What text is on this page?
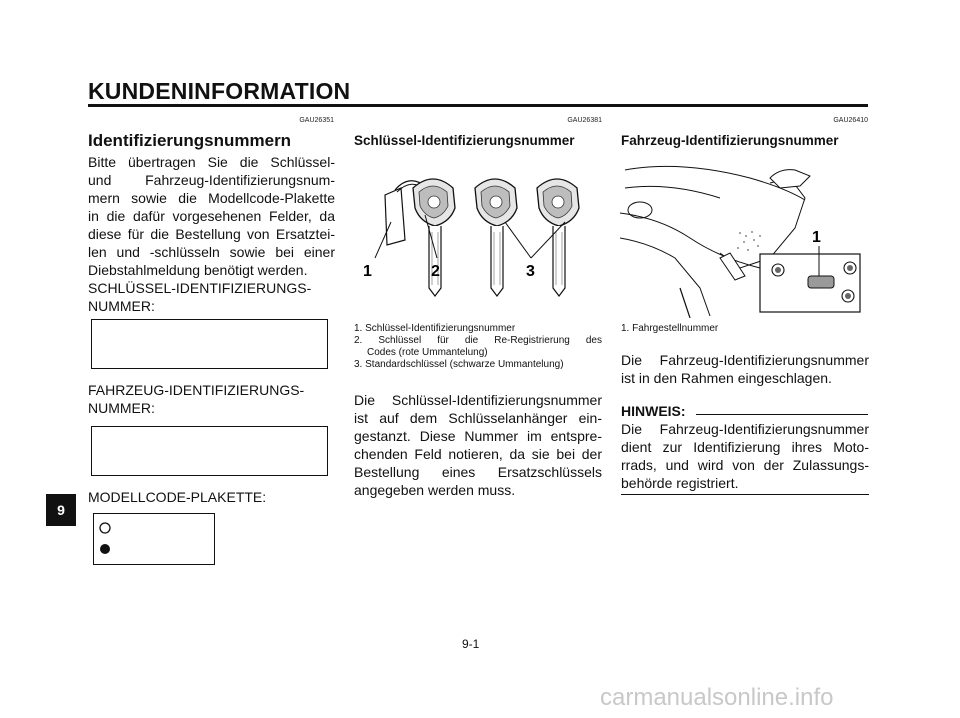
KUNDENINFORMATION
9
GAU26351
Identifizierungsnummern
Bitte übertragen Sie die Schlüssel-
und Fahrzeug-Identifizierungsnum-
mern sowie die Modellcode-Plakette
in die dafür vorgesehenen Felder, da
diese für die Bestellung von Ersatztei-
len und -schlüsseln sowie bei einer
Diebstahlmeldung benötigt werden.
SCHLÜSSEL-IDENTIFIZIERUNGS-
NUMMER:
FAHRZEUG-IDENTIFIZIERUNGS-
NUMMER:
MODELLCODE-PLAKETTE:
GAU26381
Schlüssel-Identifizierungsnummer
1	2	3
1. Schlüssel-Identifizierungsnummer
2. Schlüssel für die Re-Registrierung des
Codes (rote Ummantelung)
3. Standardschlüssel (schwarze Ummantelung)
Die Schlüssel-Identifizierungsnummer
ist auf dem Schlüsselanhänger ein-
gestanzt. Diese Nummer im entspre-
chenden Feld notieren, da sie bei der
Bestellung eines Ersatzschlüssels
angegeben werden muss.
GAU26410
Fahrzeug-Identifizierungsnummer
1
1. Fahrgestellnummer
Die Fahrzeug-Identifizierungsnummer
ist in den Rahmen eingeschlagen.
HINWEIS:
Die Fahrzeug-Identifizierungsnummer
dient zur Identifizierung ihres Moto-
rrads, und wird von der Zulassungs-
behörde registriert.
9-1
carmanualsonline.info
